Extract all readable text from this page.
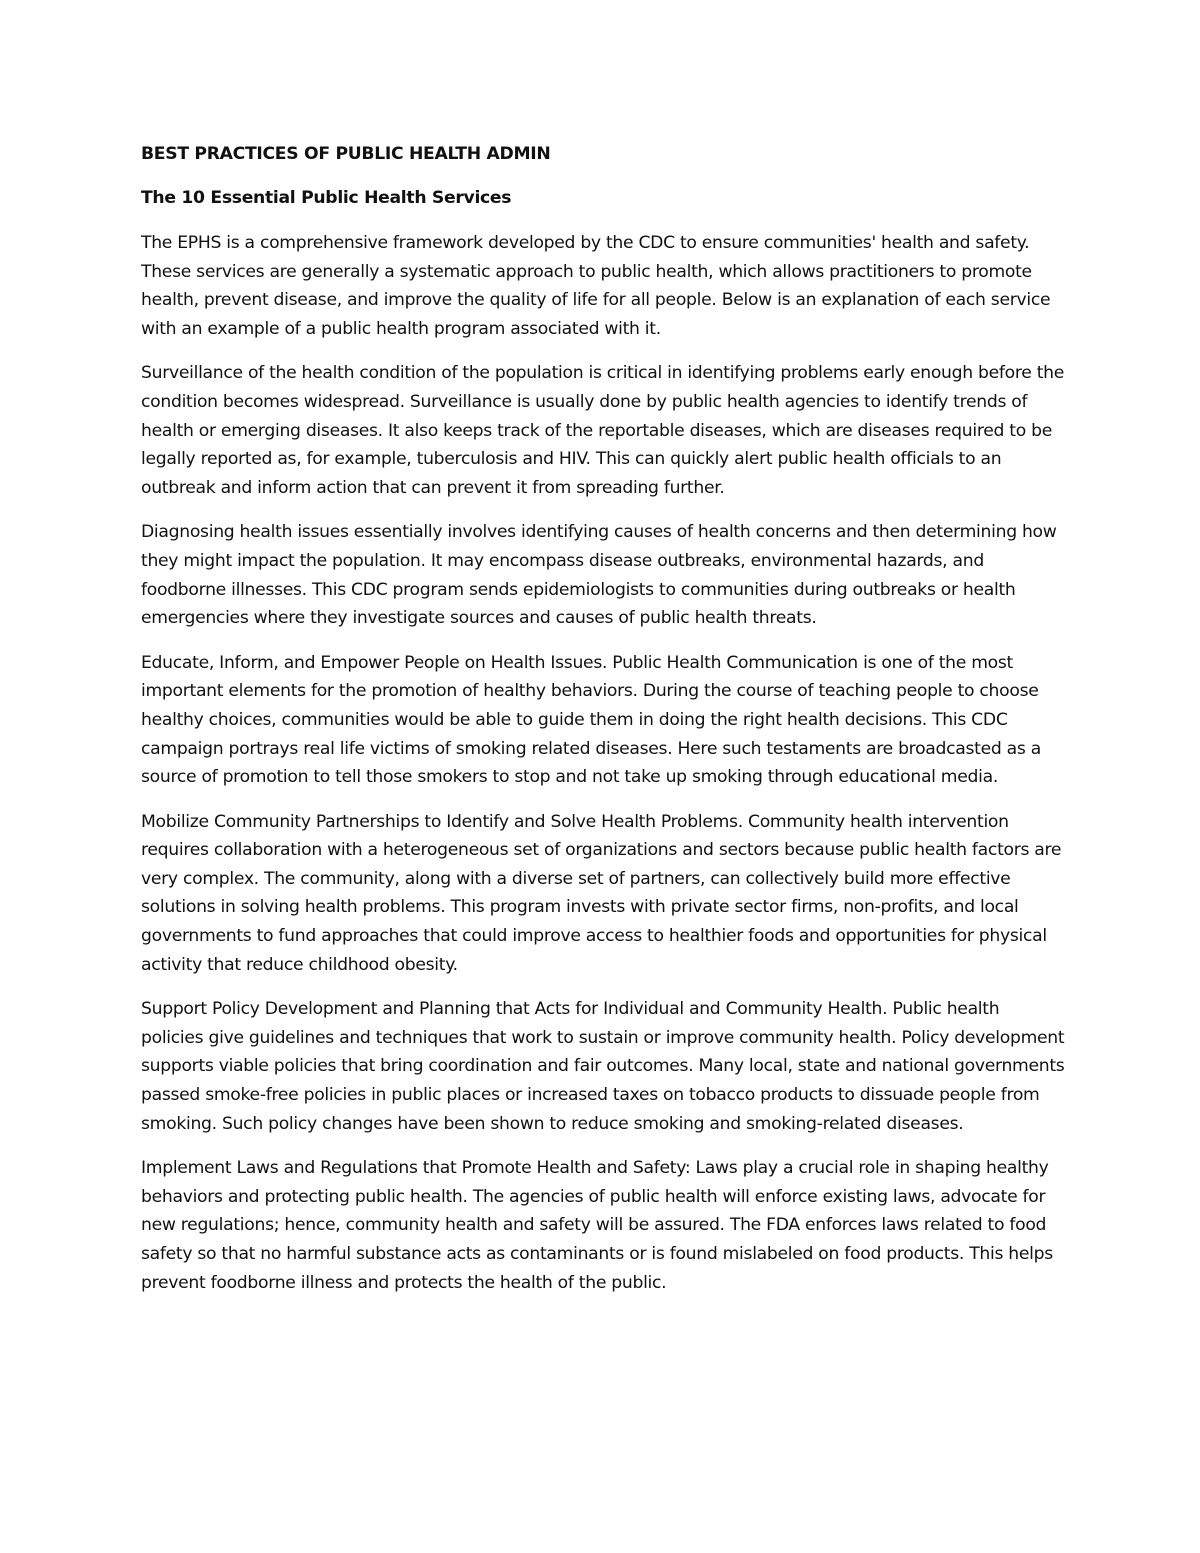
BEST PRACTICES OF PUBLIC HEALTH ADMIN
The 10 Essential Public Health Services

The EPHS is a comprehensive framework developed by the CDC to ensure communities' health and safety. These services are generally a systematic approach to public health, which allows practitioners to promote health, prevent disease, and improve the quality of life for all people. Below is an explanation of each service with an example of a public health program associated with it.

Surveillance of the health condition of the population is critical in identifying problems early enough before the condition becomes widespread. Surveillance is usually done by public health agencies to identify trends of health or emerging diseases. It also keeps track of the reportable diseases, which are diseases required to be legally reported as, for example, tuberculosis and HIV. This can quickly alert public health officials to an outbreak and inform action that can prevent it from spreading further.

Diagnosing health issues essentially involves identifying causes of health concerns and then determining how they might impact the population. It may encompass disease outbreaks, environmental hazards, and foodborne illnesses. This CDC program sends epidemiologists to communities during outbreaks or health emergencies where they investigate sources and causes of public health threats.

Educate, Inform, and Empower People on Health Issues. Public Health Communication is one of the most important elements for the promotion of healthy behaviors. During the course of teaching people to choose healthy choices, communities would be able to guide them in doing the right health decisions. This CDC campaign portrays real life victims of smoking related diseases. Here such testaments are broadcasted as a source of promotion to tell those smokers to stop and not take up smoking through educational media.

Mobilize Community Partnerships to Identify and Solve Health Problems. Community health intervention requires collaboration with a heterogeneous set of organizations and sectors because public health factors are very complex. The community, along with a diverse set of partners, can collectively build more effective solutions in solving health problems. This program invests with private sector firms, non-profits, and local governments to fund approaches that could improve access to healthier foods and opportunities for physical activity that reduce childhood obesity.

Support Policy Development and Planning that Acts for Individual and Community Health. Public health policies give guidelines and techniques that work to sustain or improve community health. Policy development supports viable policies that bring coordination and fair outcomes. Many local, state and national governments passed smoke-free policies in public places or increased taxes on tobacco products to dissuade people from smoking. Such policy changes have been shown to reduce smoking and smoking-related diseases.

Implement Laws and Regulations that Promote Health and Safety: Laws play a crucial role in shaping healthy behaviors and protecting public health. The agencies of public health will enforce existing laws, advocate for new regulations; hence, community health and safety will be assured. The FDA enforces laws related to food safety so that no harmful substance acts as contaminants or is found mislabeled on food products. This helps prevent foodborne illness and protects the health of the public.
